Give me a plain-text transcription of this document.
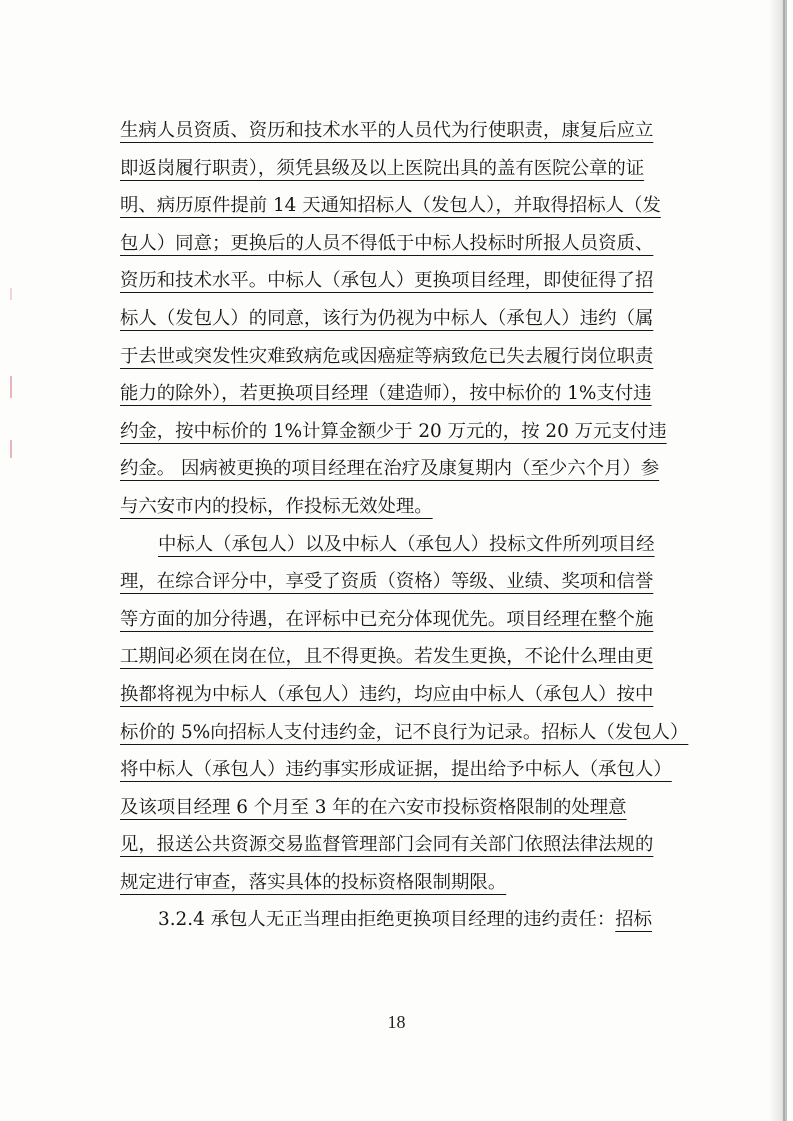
生病人员资质、资历和技术水平的人员代为行使职责，康复后应立
即返岗履行职责），须凭县级及以上医院出具的盖有医院公章的证
明、病历原件提前 14 天通知招标人（发包人），并取得招标人（发
包人）同意；更换后的人员不得低于中标人投标时所报人员资质、
资历和技术水平。中标人（承包人）更换项目经理，即使征得了招
标人（发包人）的同意，该行为仍视为中标人（承包人）违约（属
于去世或突发性灾难致病危或因癌症等病致危已失去履行岗位职责
能力的除外），若更换项目经理（建造师），按中标价的 1%支付违
约金，按中标价的 1%计算金额少于 20 万元的，按 20 万元支付违
约金。 因病被更换的项目经理在治疗及康复期内（至少六个月）参
与六安市内的投标，作投标无效处理。
中标人（承包人）以及中标人（承包人）投标文件所列项目经
理，在综合评分中，享受了资质（资格）等级、业绩、奖项和信誉
等方面的加分待遇，在评标中已充分体现优先。项目经理在整个施
工期间必须在岗在位，且不得更换。若发生更换，不论什么理由更
换都将视为中标人（承包人）违约，均应由中标人（承包人）按中
标价的 5%向招标人支付违约金，记不良行为记录。招标人（发包人）
将中标人（承包人）违约事实形成证据，提出给予中标人（承包人）
及该项目经理 6 个月至 3 年的在六安市投标资格限制的处理意
见，报送公共资源交易监督管理部门会同有关部门依照法律法规的
规定进行审查，落实具体的投标资格限制期限。
3.2.4 承包人无正当理由拒绝更换项目经理的违约责任：招标
18
